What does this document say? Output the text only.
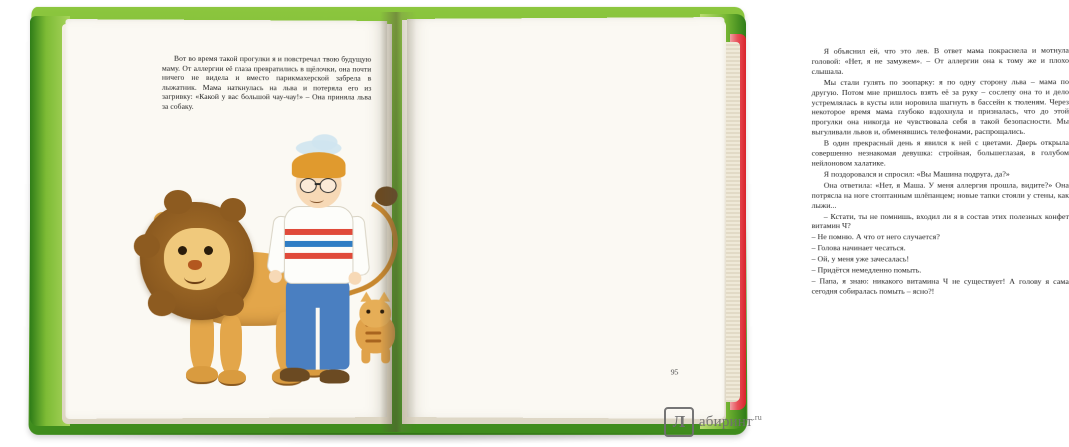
Вот во время такой прогулки я и повстречал твою будущую маму. От аллергии её глаза превратились в щёлочки, она почти ничего не видела и вместо парикмахерской забрела в лыжатник. Мама наткнулась на льва и потеряла его из загривку: «Какой у вас большой чау-чау!» – Она приняла льва за собаку.

Я объяснил ей, что это лев. В ответ мама покраснела и мотнула головой: «Нет, я не замужем». – От аллергии она к тому же и плохо слышала.

Мы стали гулять по зоопарку: я по одну сторону льва – мама по другую. Потом мне пришлось взять её за руку – сослепу она то и дело устремлялась в кусты или норовила шагнуть в бассейн к тюленям. Через некоторое время мама глубоко вздохнула и призналась, что до этой прогулки она никогда не чувствовала себя в такой безопасности. Мы выгуливали львов и, обменявшись телефонами, распрощались.

В один прекрасный день я явился к ней с цветами. Дверь открыла совершенно незнакомая девушка: стройная, большеглазая, в голубом нейлоновом халатике.

Я поздоровался и спросил: «Вы Машина подруга, да?»

Она ответила: «Нет, я Маша. У меня аллергия прошла, видите?» Она потрясла на ноге стоптанным шлёпанцем; новые тапки стояли у стены, как лыжи...

– Кстати, ты не помнишь, входил ли я в состав этих полезных конфет витамин Ч?

– Не помню. А что от него случается?

– Голова начинает чесаться.

– Ой, у меня уже зачесалась!

– Придётся немедленно помыть.

– Папа, я знаю: никакого витамина Ч не существует! А голову я сама сегодня собиралась помыть – ясно?!

95
Л абиринт$^{.ru}$
